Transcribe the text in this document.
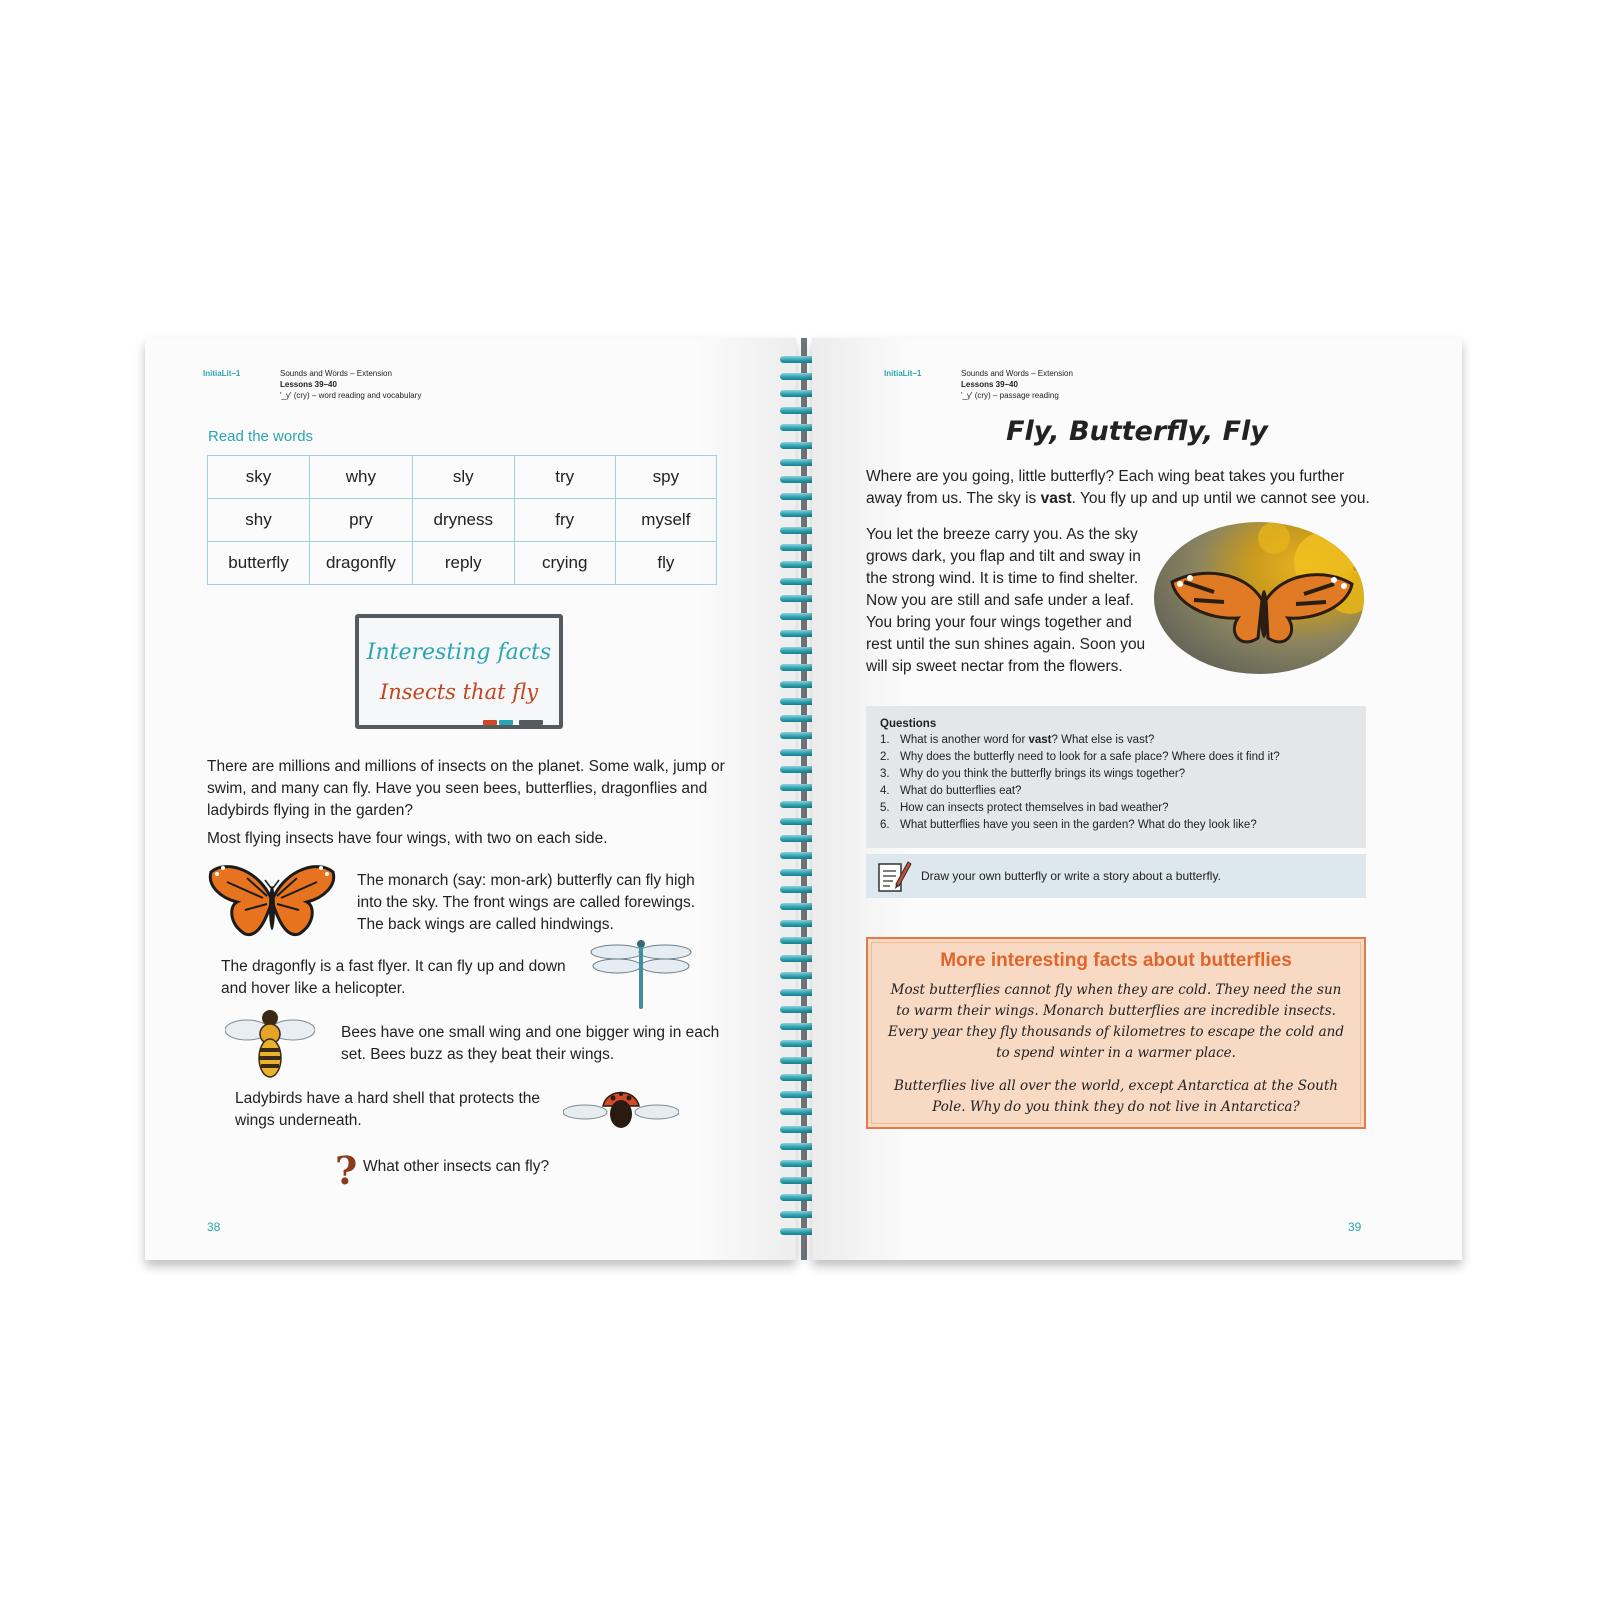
InitiaLit–1	Sounds and Words – Extension
Lessons 39–40
'_y' (cry) – word reading and vocabulary
Read the words
sky	why	sly	try	spy
shy	pry	dryness	fry	myself
butterfly	dragonfly	reply	crying	fly
Interesting facts
Insects that fly
There are millions and millions of insects on the planet. Some walk, jump or swim, and many can fly. Have you seen bees, butterflies, dragonflies and ladybirds flying in the garden?
Most flying insects have four wings, with two on each side.
The monarch (say: mon-ark) butterfly can fly high into the sky. The front wings are called forewings. The back wings are called hindwings.
The dragonfly is a fast flyer. It can fly up and down and hover like a helicopter.
Bees have one small wing and one bigger wing in each set. Bees buzz as they beat their wings.
Ladybirds have a hard shell that protects the wings underneath.
? What other insects can fly?
38
InitiaLit–1	Sounds and Words – Extension
Lessons 39–40
'_y' (cry) – passage reading
Fly, Butterfly, Fly
Where are you going, little butterfly? Each wing beat takes you further away from us. The sky is vast. You fly up and up until we cannot see you.
You let the breeze carry you. As the sky grows dark, you flap and tilt and sway in the strong wind. It is time to find shelter. Now you are still and safe under a leaf. You bring your four wings together and rest until the sun shines again. Soon you will sip sweet nectar from the flowers.
Questions
1. What is another word for vast? What else is vast?
2. Why does the butterfly need to look for a safe place? Where does it find it?
3. Why do you think the butterfly brings its wings together?
4. What do butterflies eat?
5. How can insects protect themselves in bad weather?
6. What butterflies have you seen in the garden? What do they look like?
Draw your own butterfly or write a story about a butterfly.
More interesting facts about butterflies
Most butterflies cannot fly when they are cold. They need the sun to warm their wings. Monarch butterflies are incredible insects. Every year they fly thousands of kilometres to escape the cold and to spend winter in a warmer place.
Butterflies live all over the world, except Antarctica at the South Pole. Why do you think they do not live in Antarctica?
39
